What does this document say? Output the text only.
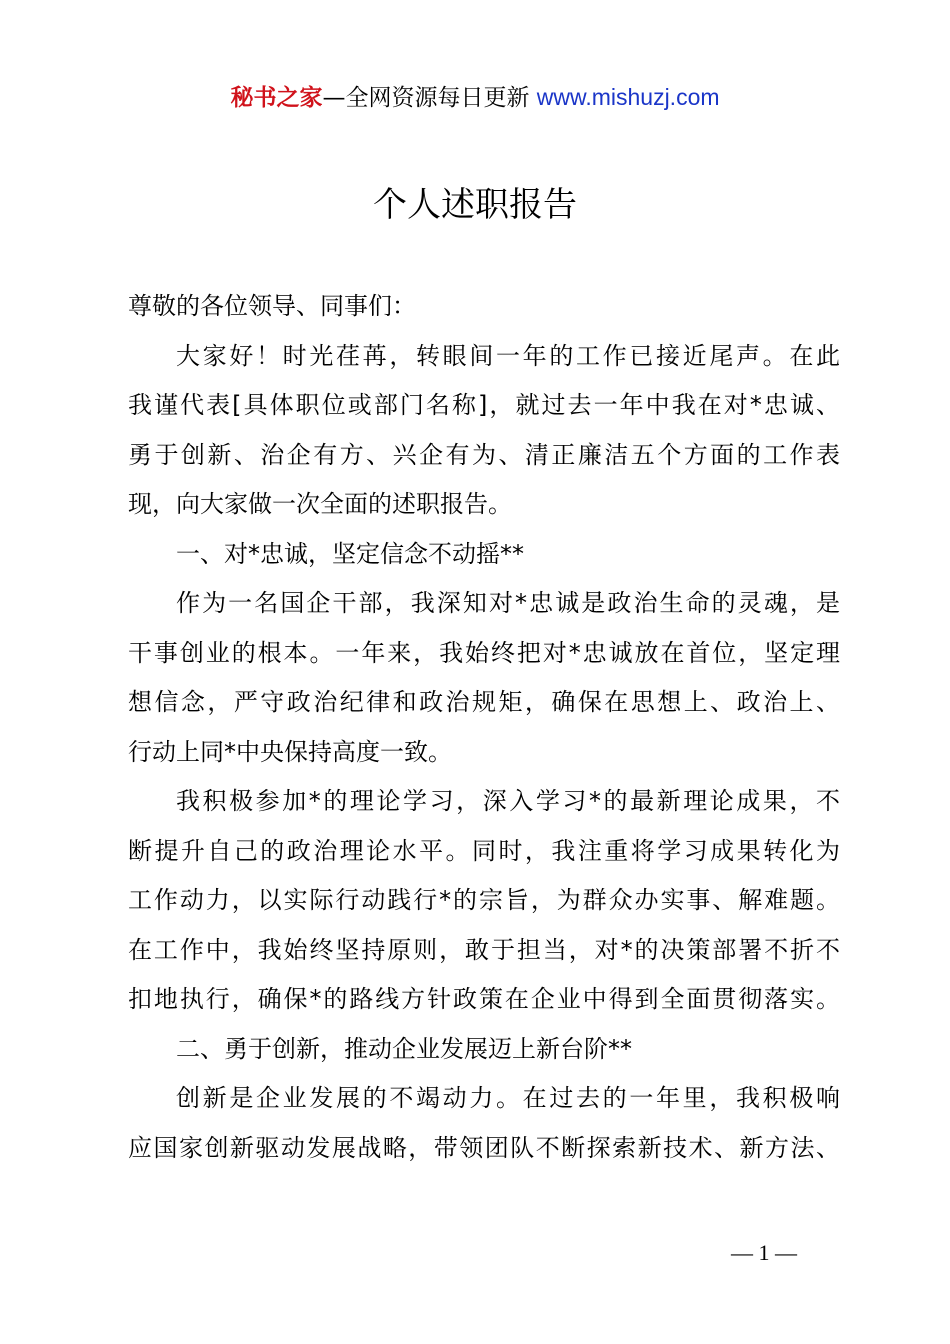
秘书之家—全网资源每日更新 www.mishuzj.com
个人述职报告

尊敬的各位领导、同事们：

大家好！时光荏苒，转眼间一年的工作已接近尾声。在此

我谨代表[具体职位或部门名称]，就过去一年中我在对*忠诚、

勇于创新、治企有方、兴企有为、清正廉洁五个方面的工作表

现，向大家做一次全面的述职报告。

一、对*忠诚，坚定信念不动摇**

作为一名国企干部，我深知对*忠诚是政治生命的灵魂，是

干事创业的根本。一年来，我始终把对*忠诚放在首位，坚定理

想信念，严守政治纪律和政治规矩，确保在思想上、政治上、

行动上同*中央保持高度一致。

我积极参加*的理论学习，深入学习*的最新理论成果，不

断提升自己的政治理论水平。同时，我注重将学习成果转化为

工作动力，以实际行动践行*的宗旨，为群众办实事、解难题。

在工作中，我始终坚持原则，敢于担当，对*的决策部署不折不

扣地执行，确保*的路线方针政策在企业中得到全面贯彻落实。

二、勇于创新，推动企业发展迈上新台阶**

创新是企业发展的不竭动力。在过去的一年里，我积极响

应国家创新驱动发展战略，带领团队不断探索新技术、新方法、

— 1 —
